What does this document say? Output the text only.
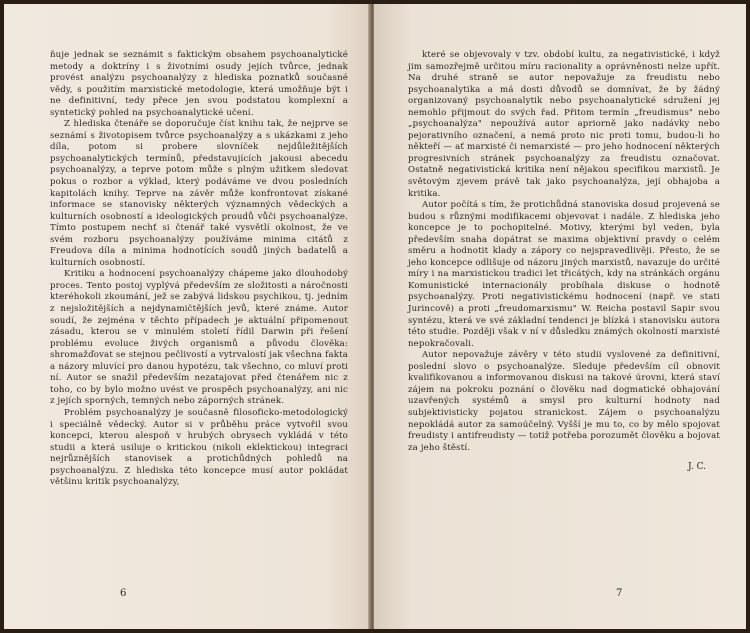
ňuje jednak se seznámit s faktickým obsahem psychoanalytické metody a doktríny i s životními osudy jejích tvůrce, jednak provést analýzu psychoanalýzy z hlediska poznatků současné vědy, s použitím marxistické metodologie, která umožňuje být i ne definitivní, tedy přece jen svou podstatou komplexní a syntetický pohled na psychoanalytické učení.

Z hlediska čtenáře se doporučuje číst knihu tak, že nejprve se seznámí s životopisem tvůrce psychoanalýzy a s ukázkami z jeho díla, potom si probere slovníček nejdůležitějších psychoanalytických termínů, představujících jakousi abecedu psychoanalýzy, a teprve potom může s plným užitkem sledovat pokus o rozbor a výklad, který podáváme ve dvou posledních kapitolách knihy. Teprve na závěr může konfrontovat získané informace se stanovisky některých významných vědeckých a kulturních osobností a ideologických proudů vůči psychoanalýze. Tímto postupem nechť si čtenář také vysvětlí okolnost, že ve svém rozboru psychoanalýzy používáme minima citátů z Freudova díla a minima hodnotících soudů jiných badatelů a kulturních osobností.

Kritiku a hodnocení psychoanalýzy chápeme jako dlouhodobý proces. Tento postoj vyplývá především ze složitosti a náročnosti kteréhokoli zkoumání, jež se zabývá lidskou psychikou, tj. jedním z nejsložitějších a nejdynamičtějších jevů, které známe. Autor soudí, že zejména v těchto případech je aktuální připomenout zásadu, kterou se v minulém století řídil Darwin při řešení problému evoluce živých organismů a původu člověka: shromažďovat se stejnou pečlivostí a vytrvalostí jak všechna fakta a názory mluvící pro danou hypotézu, tak všechno, co mluví proti ní. Autor se snažil především nezatajovat před čtenářem nic z toho, co by bylo možno uvést ve prospěch psychoanalýzy, ani nic z jejích sporných, temných nebo záporných stránek.

Problém psychoanalýzy je současně filosoficko-metodologický i speciálně vědecký. Autor si v průběhu práce vytvořil svou koncepci, kterou alespoň v hrubých obrysech vykládá v této studii a která usiluje o kritickou (nikoli eklektickou) integraci nejrůznějších stanovisek a protichůdných pohledů na psychoanalýzu. Z hlediska této koncepce musí autor pokládat většinu kritik psychoanalýzy,

6

které se objevovaly v tzv. období kultu, za negativistické, i když jim samozřejmě určitou míru racionality a oprávněnosti nelze upřít. Na druhé straně se autor nepovažuje za freudistu nebo psychoanalytika a má dosti důvodů se domnívat, že by žádný organizovaný psychoanalytik nebo psychoanalytické sdružení jej nemohlo přijmout do svých řad. Přitom termín „freudismus" nebo „psychoanalýza" nepoužívá autor apriorně jako nadávky nebo pejorativního označení, a nemá proto nic proti tomu, budou-li ho někteří — ať marxisté či nemarxisté — pro jeho hodnocení některých progresivních stránek psychoanalýzy za freudistu označovat. Ostatně negativistická kritika není nějakou specifikou marxistů. Je světovým zjevem právě tak jako psychoanalýza, její obhajoba a kritika.

Autor počítá s tím, že protichůdná stanoviska dosud projevená se budou s různými modifikacemi objevovat i nadále. Z hlediska jeho koncepce je to pochopitelné. Motivy, kterými byl veden, byla především snaha dopátrat se maxima objektivní pravdy o celém směru a hodnotit klady a zápory co nejspravedlivěji. Přesto, že se jeho koncepce odlišuje od názoru jiných marxistů, navazuje do určité míry i na marxistickou tradici let třicátých, kdy na stránkách orgánu Komunistické internacionály probíhala diskuse o hodnotě psychoanalýzy. Proti negativistickému hodnocení (např. ve stati Jurincově) a proti „freudomarxismu" W. Reicha postavil Sapir svou syntézu, která ve své základní tendenci je blízká i stanovisku autora této studie. Později však v ní v důsledku známých okolností marxisté nepokračovali.

Autor nepovažuje závěry v této studii vyslovené za definitivní, poslední slovo o psychoanalýze. Sleduje především cíl obnovit kvalifikovanou a informovanou diskusi na takové úrovni, která staví zájem na pokroku poznání o člověku nad dogmatické obhajování uzavřených systémů a smysl pro kulturní hodnoty nad subjektivisticky pojatou stranickost. Zájem o psychoanalýzu nepokládá autor za samoúčelný. Vyšší je mu to, co by mělo spojovat freudisty i antifreudisty — totiž potřeba porozumět člověku a bojovat za jeho štěstí.

J. C.
7
